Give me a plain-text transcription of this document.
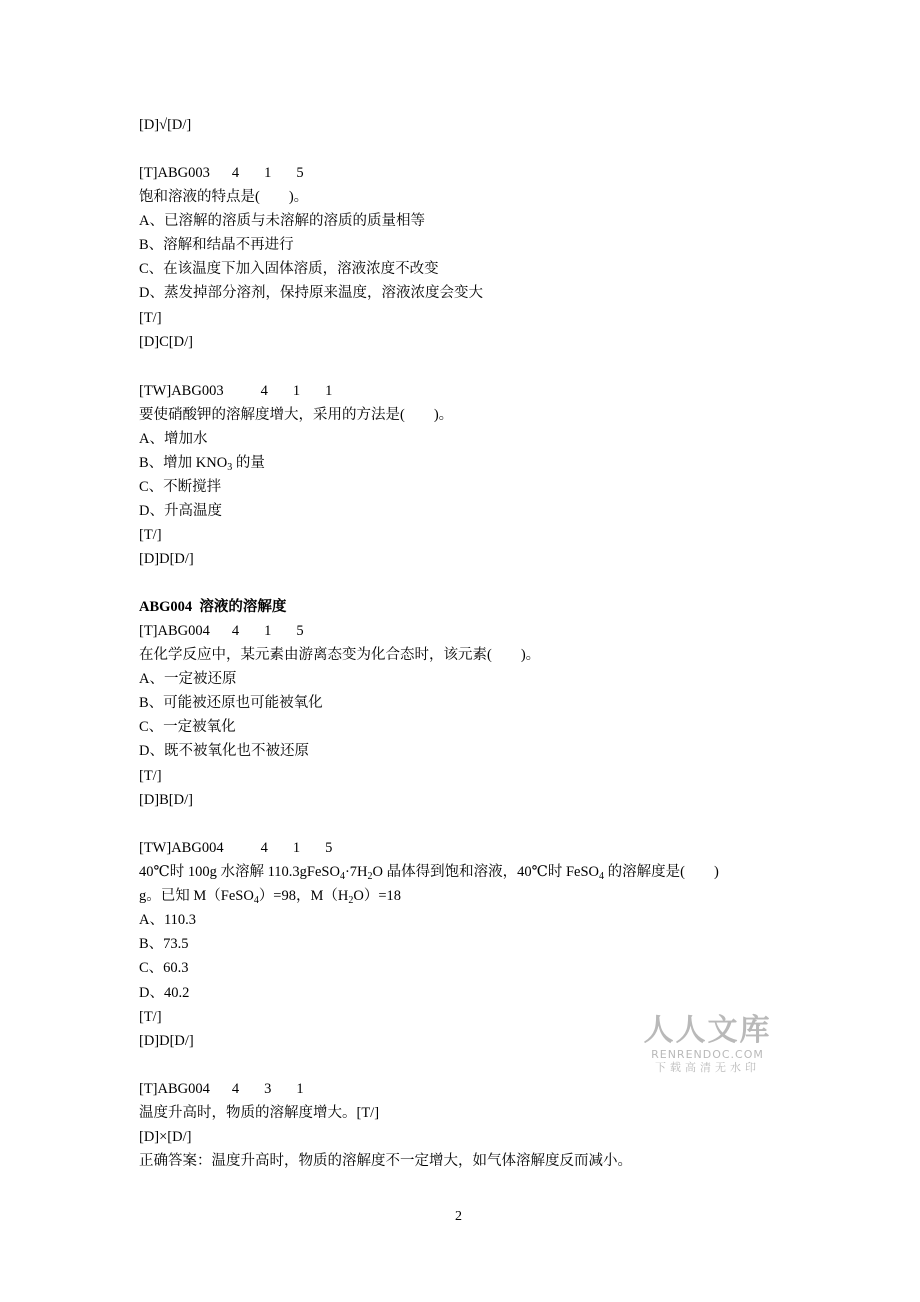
[D]√[D/]
[T]ABG003 4 1 5
饱和溶液的特点是(        )。
A、已溶解的溶质与未溶解的溶质的质量相等
B、溶解和结晶不再进行
C、在该温度下加入固体溶质，溶液浓度不改变
D、蒸发掉部分溶剂，保持原来温度，溶液浓度会变大
[T/]
[D]C[D/]
[TW]ABG003	4 1 1
要使硝酸钾的溶解度增大，采用的方法是(        )。
A、增加水
B、增加 $KNO_3$ 的量
C、不断搅拌
D、升高温度
[T/]
[D]D[D/]
ABG004  溶液的溶解度
[T]ABG004 4 1 5
在化学反应中，某元素由游离态变为化合态时，该元素(        )。
A、一定被还原
B、可能被还原也可能被氧化
C、一定被氧化
D、既不被氧化也不被还原
[T/]
[D]B[D/]
[TW]ABG004	4 1 5
40℃时 100g 水溶解 $110.3gFeSO_4\cdot 7H_2O$ 晶体得到饱和溶液，40℃时 FeSO$_4$ 的溶解度是(        )
g。已知 M（FeSO$_4$）=98，$M(H_2O)=18$
A、110.3
B、73.5
C、60.3
D、40.2
[T/]
[D]D[D/]
[T]ABG004 4 3 1
温度升高时，物质的溶解度增大。[T/]
[D]×[D/]
正确答案：温度升高时，物质的溶解度不一定增大，如气体溶解度反而减小。
人人文库
RENRENDOC.COM
下载高清无水印
2
